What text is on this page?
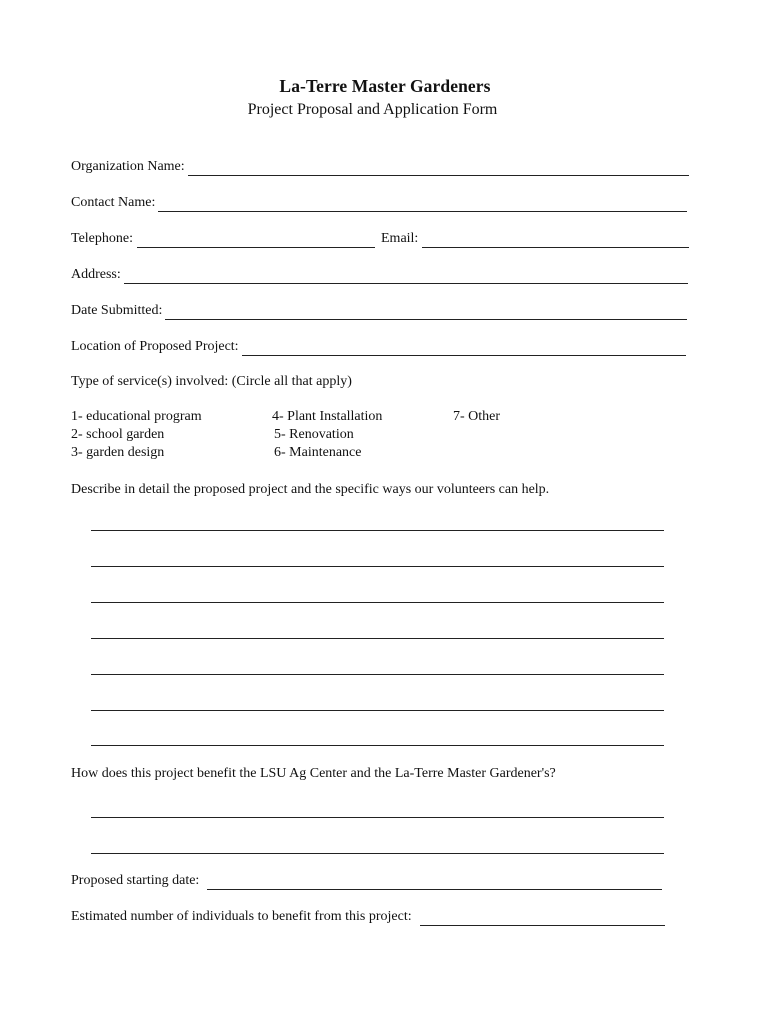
La-Terre Master Gardeners
Project Proposal and Application Form
Organization Name:
Contact Name:
Telephone:	Email:
Address:
Date Submitted:
Location of Proposed Project:
Type of service(s) involved: (Circle all that apply)
1- educational program
2- school garden
3- garden design
4- Plant Installation
5- Renovation
6- Maintenance
7- Other
Describe in detail the proposed project and the specific ways our volunteers can help.
How does this project benefit the LSU Ag Center and the La-Terre Master Gardener's?
Proposed starting date:
Estimated number of individuals to benefit from this project:
